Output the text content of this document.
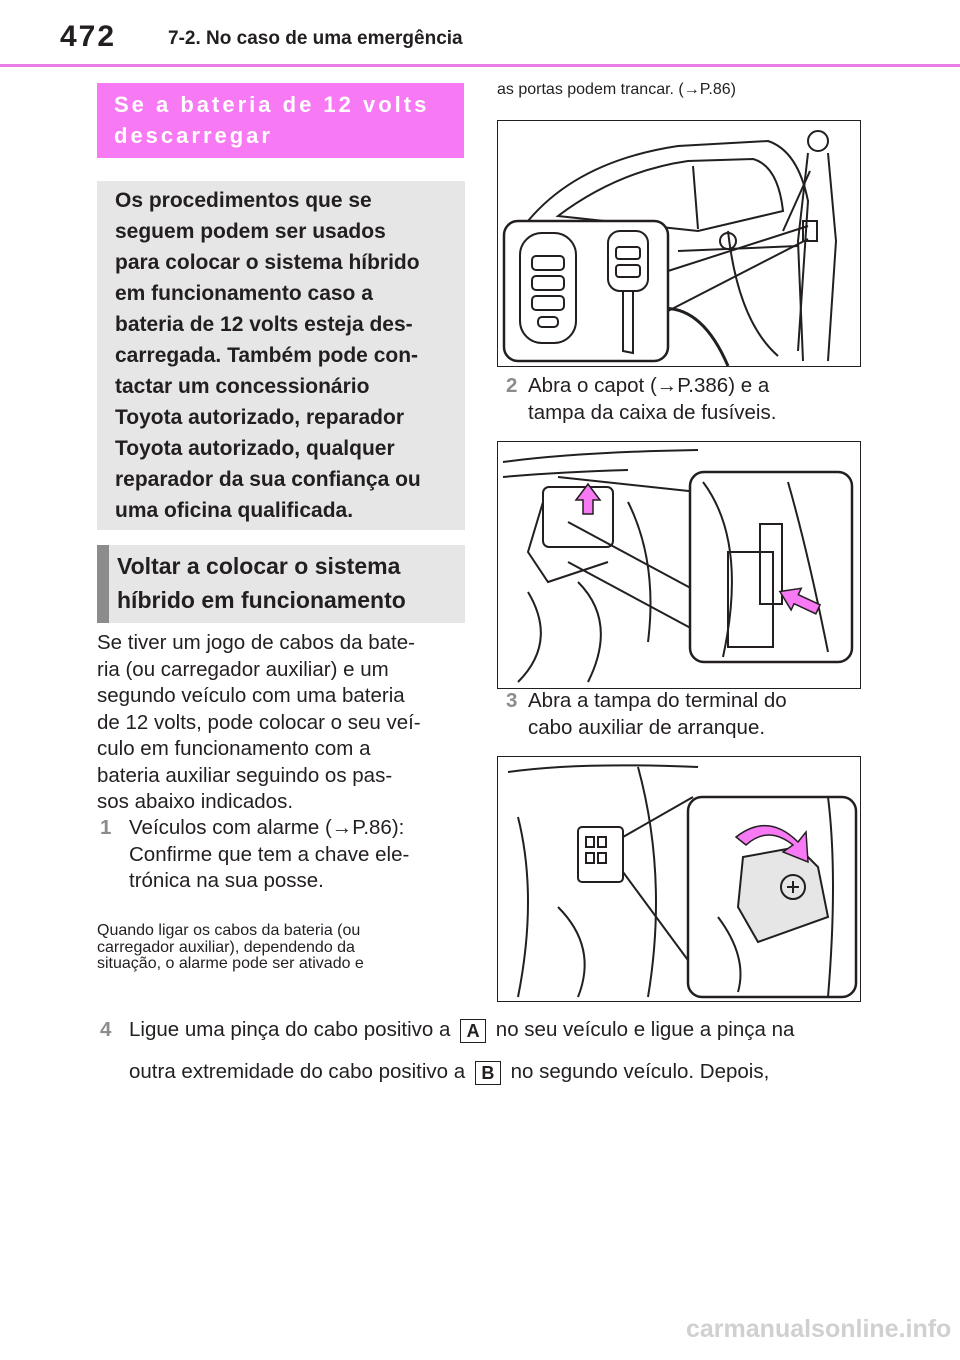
472	7-2. No caso de uma emergência
Se a bateria de 12 volts
descarregar
Os procedimentos que se
seguem podem ser usados
para colocar o sistema híbrido
em funcionamento caso a
bateria de 12 volts esteja des-
carregada. Também pode con-
tactar um concessionário
Toyota autorizado, reparador
Toyota autorizado, qualquer
reparador da sua confiança ou
uma oficina qualificada.
Voltar a colocar o sistema
híbrido em funcionamento
Se tiver um jogo de cabos da bate-
ria (ou carregador auxiliar) e um
segundo veículo com uma bateria
de 12 volts, pode colocar o seu veí-
culo em funcionamento com a
bateria auxiliar seguindo os pas-
sos abaixo indicados.
1 Veículos com alarme (→P.86):
Confirme que tem a chave ele-
trónica na sua posse.
Quando ligar os cabos da bateria (ou
carregador auxiliar), dependendo da
situação, o alarme pode ser ativado e
as portas podem trancar. (→P.86)
2 Abra o capot (→P.386) e a
tampa da caixa de fusíveis.
3 Abra a tampa do terminal do
cabo auxiliar de arranque.
4 Ligue uma pinça do cabo positivo a A no seu veículo e ligue a pinça na
outra extremidade do cabo positivo a B no segundo veículo. Depois,
carmanualsonline.info
